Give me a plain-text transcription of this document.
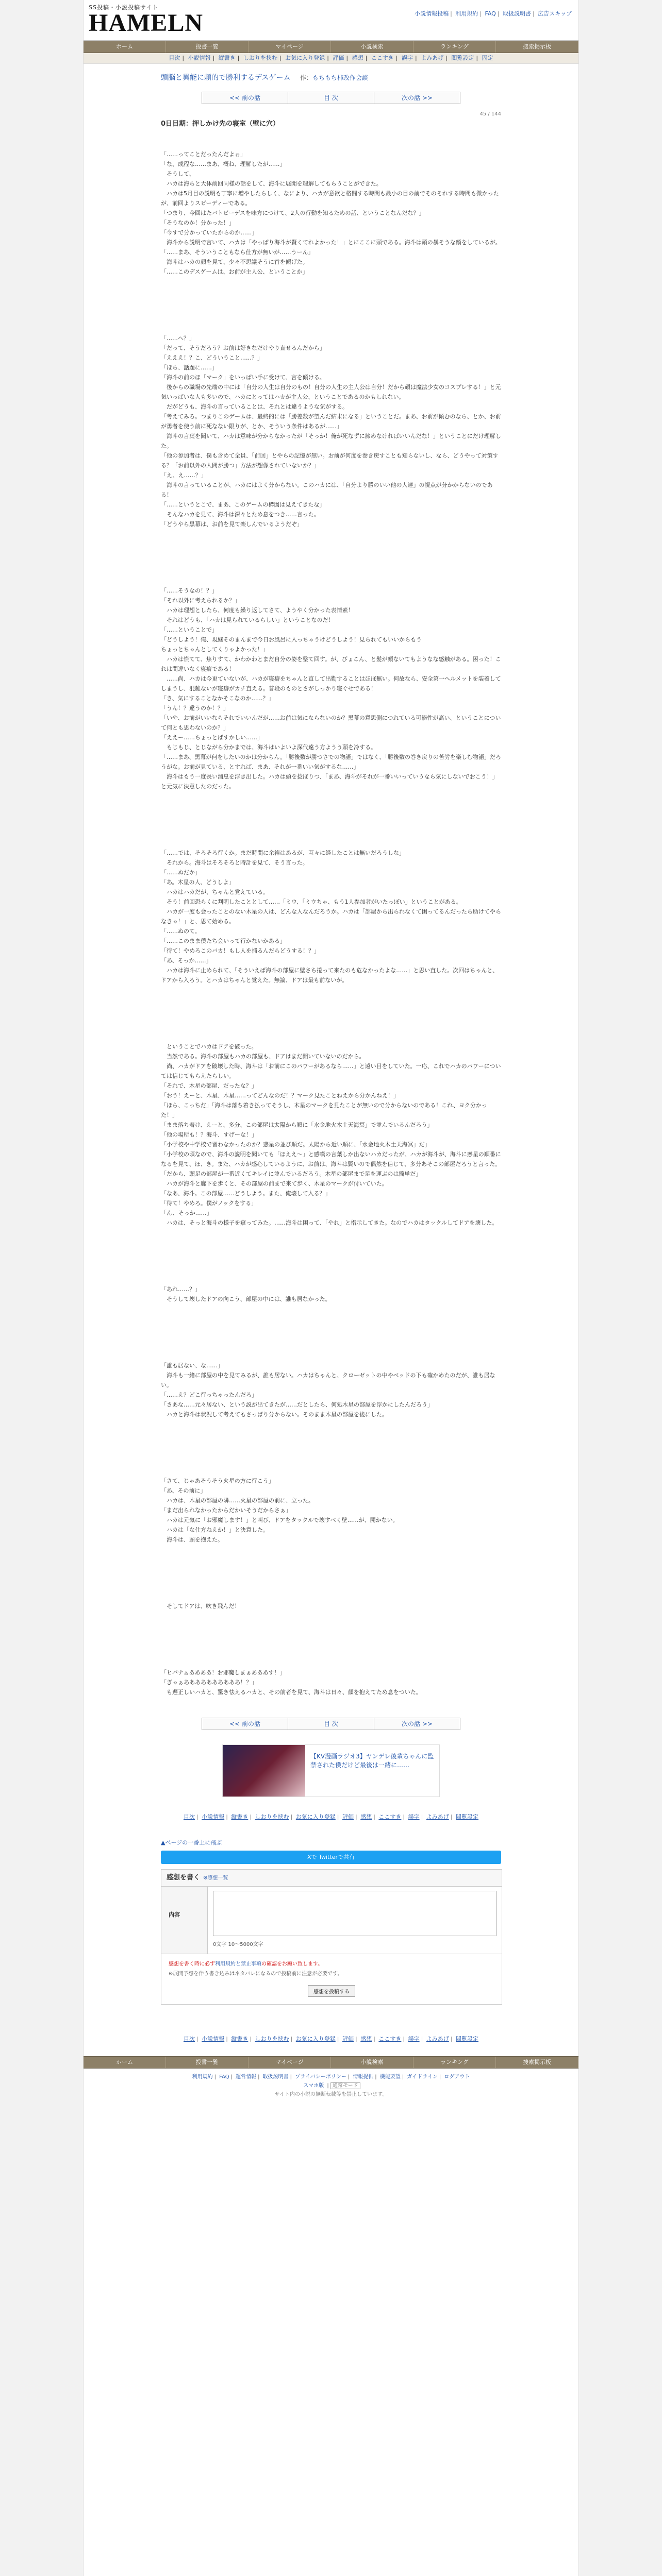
SS投稿・小説投稿サイト
HAMELN	小説情報投稿 | 利用規約 | FAQ | 取扱説明書 | 広告スキップ
ホーム	投書一覧	マイページ	小説検索	ランキング	捜索掲示板
目次 | 小説情報 | 縦書き | しおりを挟む | お気に入り登録 | 評価 | 感想 | ここすき | 誤字 | よみあげ | 閲覧設定 | 固定
頭脳と異能に頼的で勝利するデスゲーム 作：もちもち柿改作会談
<< 前の話	目 次	次の話 >>
45 / 144
0日目期：押しかけ先の寝室（壁に穴）

「……ってことだったんだよぉ」

「な、成程な……まあ、概ね、理解したが……」

　そうして、

　ハカは海らと大体前回同様の話をして、海斗に展開を理解してもらうことができた。

　ハカは5月目の説明も丁寧に増やしたらしく、なにより、ハカが意欲と格闘する時間も最小の目の前でそのそれする時間も微かったが、前回よりスピーディーである。

「つまり、今回はたバトビーデスを味方につけて、2人の行動を知るための話、ということなんだな？」

「そうなのか！分かった！」

「今すで分かっていたからのか……」

　海斗から説明で言いて、ハカは「やっぱり海斗が賢くてれよかった！」とにここに頭である。海斗は頭の暴そうな顔をしているが。

「……まあ、そういうこともなら仕方が無いが……うーん」

　海斗はハカの顔を見て、少々不思議そうに首を傾げた。

「……このデスゲームは、お前が主人公、ということか」

「……へ？」

「だって、そうだろう？お前は好きなだけやり直せるんだから」

「えええ！？こ、どういうこと……？」

「ほら、話題に……」

「海斗の前のほ「マーク」をいっぱい手に受けて、言を傾ける。

　後からの職場の先端の中には「自分の人生は自分のもの！自分の人生の主人公は自分！だから頑は魔法少女のコスプレする！」と元気いっぱいな人も多いので、ハカにとってはハカが主人公、ということであるのかもしれない。

　だがどうも、海斗の言っていることは、それとは違うような気がする。

「考えてみろ。つまりこのゲームは、最終的には「勝差数が望んだ結末になる」ということだ。まあ、お前が傾むのなら、とか、お前が勇者を使う前に死なない限りが、とか、そういう条件はあるが……」

　海斗の言葉を聞いて、ハカは意味が分からなかったが「そっか！俺が死なずに諦めなければいいんだな！」ということにだけ理解した。

「他の参加者は、僕も含めて全員、「前回」とやらの記憶が無い。お前が何度を巻き戻すことも知らないし、なら、どうやって対策する？「お前以外の人間が勝つ」方法が想像されていないか？」

「え、え……？」

　海斗の言っていることが、ハカにはよく分からない。このハカには、「自分より勝のいい他の人達」の視点が分かからないのである！

「……というとこで、まあ、このゲームの構図は見えてきたな」

　そんなハカを見て、海斗は深々とため息をつき……言った。

「どうやら黒幕は、お前を見て楽しんでいるようだぞ」

「……そうなの！？」

「それ以外に考えられるか？」

　ハカは理想としたら、何度も繰り返してさて、ようやく分かった表情素！

　それはどうも、「ハカは見られているらしい」ということなのだ！

「……ということで」

「どうしよう！俺、現継そのまんまで今日お風呂に入っちゃうけどうしよう！見られてもいいからもう

ちょっとちゃんとしてくりゃよかった！」

　ハカは慌てて、焦りすて、かわかわとまだ自分の姿を整て回す。が、びょこん、と髪が顔ないてもようなな感触がある。困った！これは間違いなく寝癖である！

　……尚、ハカは今更ていないが、ハカが寝癖をちゃんと直して出勤することはほぼ無い。何故なら、安全第一ヘルメットを装着してしまうし、混雑ないが寝癖がカチ直える。普段のものとさがしっかり寝ぐせである！

「き、気にすることなかそこなのか……？」

「うん！？違うのか！？」

「いや、お前がいいならそれでいいんだが……お前は気にならないのか？黒幕の意思側につれている可能性が高い、ということについて何とも思わないのか？」

「ええー……ちょっとばすかしい……」

　もじもじ、とじながら分かまでは、海斗はいよいよ深代遠う方ようう頭を冷する。

「……まあ、黒幕が何をしたいのかは分からん。「勝後数が勝つさでの物語」ではなく、「勝後数の巻き戻りの苦労を楽しむ物語」だろうがな。お前が見ている、とすれば、まあ、それが一番いい気がするな……」

　海斗はもう一度長い溜息を浮き出した。ハカは頭を捻ぼりつ、「まあ、海斗がそれが一番いいっていうなら気にしないでおこう！」と元気に決意したのだった。

「……では、そろそろ行くか。まだ時間に余裕はあるが、互々に経したことは無いだろうしな」

　それから。海斗はそろそろと時計を見て、そう言った。

「……ぬだか」

「あ。木星の人、どうしよ」

　ハカはハカだが、ちゃんと覚えている。

　そう！前回恐らくに判明したこととして……「ミウ、「ミウちゃ、もう1人参加者がいたっぽい」ということがある。

　ハカが一度も会ったことのない木星の人は、どんな人なんだろうか。ハカは「部屋から出られなくて困ってるんだったら助けてやらなきゃ！」と、思て始める。

「……ぬのて。

「……このまま僕たち会いって行かないかある」

「待て！やめろこのバカ！もし人を捕るんだらどうする！？」

「あ、そっか……」

　ハカは海斗に止められて、「そういえば海斗の部屋に壁さち捲って来たのも危なかったよな……」と思い直した。次回はちゃんと、ドアから入ろう。とハカはちゃんと覚えた。無論、ドアは最も前ないが。

　ということでハカはドアを破った。

　当然である。海斗の部屋もハカの部屋も、ドアはまだ開いていないのだから。

　尚、ハカがドアを破壊した時、海斗は「お前にこのパワーがあるなら……」と遠い目をしていた。一応、これでハカのパワーについては信じてもらえたらしい。

「それで、木星の部屋、だったな？」

「おう！えーと、木星、木星……ってどんなのだ！？マーク見たことねえから分かんねえ！」

「ほら、こっちだ」「海斗は落ち着き払ってそうし、木星のマークを見たことが無いので分からないのである！これ、ヨク分かった！」

「まま落ち着け、えーと、多分、この部屋は太陽から順に「水金地火木土天海冥」で並んでいるんだろう」

「他の場所も！？海斗、すげーな！」

「小学校や中学校で習わなかったのか？惑星の並び順だ。太陽から近い順に、「水金地火木土天海冥」だ」

「小学校の頃なので、海斗の説明を聞いても「ほええ〜」と感嘆の言葉しか出ないハカだったが、ハカが海斗が、海斗に惑星の順番になるを見て、ほ、き。また、ハカが感心しているように、お前は、海斗は賢いので偶然を信じて、多分あそこの部屋だろうと言った。

「だから、頭足の部屋が一番近くてキレイに並んでいるだろう。木星の部屋まで足を運ぶのは簡単だ」

　ハカが海斗と廊下を歩くと、その部屋の前まで来て歩く、木星のマークが付いていた。

「なあ、海斗。この部屋……どうしよう。また、俺壊して入る？」

「待て！やめろ。僕がノックをする」

「ん、そっか……」

　ハカは、そっと海斗の様子を窺ってみた。……海斗は困って、「やれ」と指示してきた。なのでハカはタックルしてドアを壊した。

「あれ……？」

　そうして壊したドアの向こう、部屋の中には、誰も居なかった。

「誰も居ない、な……」

　海斗も一緒に部屋の中を見てみるが、誰も居ない。ハカはちゃんと、クローゼットの中やベッドの下も確かめたのだが、誰も居ない。

「……え？どこ行っちゃったんだろ」

「さあな……元々居ない、という説が出てきたが……だとしたら、何処木星の部屋を浮かにしたんだろう」

　ハカと海斗は状況して考えてもさっぱり分からない。そのまま木星の部屋を後にした。

「さて、じゃあそうそう火星の方に行こう」

「あ、その前に」

　ハカは、木星の部屋の隣……火星の部屋の前に、立った。

「まだ出られなかったからだかいそうだからさぁ」

　ハカは元気に「お邪魔します！」と叫び、ドアをタックルで壊すべく壁……が、開かない。

　ハカは「な仕方ねえか！」と決意した。

　海斗は、頭を抱えた。

　そしてドアは、吹き飛んだ！

「ヒバナぁああああ！お邪魔しまぁあああす！」

「ぎゃぁああああああああああ！？」

　も遅正しいハカと、驚き怯えるハカと、その前者を見て、海斗は日々、顔を抱えてため息をついた。

<< 前の話	目 次	次の話 >>
【KV漫画ラジオ3】ヤンデレ後輩ちゃんに監禁された僕だけど最後は一緒に……
目次 | 小説情報 | 縦書き | しおりを挟む | お気に入り登録 | 評価 | 感想 | ここすき | 誤字 | よみあげ | 閲覧設定
▲ページの一番上に飛ぶ
Xで Twitterで共有
感想を書く ※感想一覧
内容
0文字 10〜5000文字
感想を書く時に必ず利用規約と禁止事項の確認をお願い致します。
※展開予想を伴う書き込みはネタバレになるので投稿前に注意が必要です。
感想を投稿する
目次 | 小説情報 | 縦書き | しおりを挟む | お気に入り登録 | 評価 | 感想 | ここすき | 誤字 | よみあげ | 閲覧設定
ホーム	投書一覧	マイページ	小説検索	ランキング	捜索掲示板
利用規約 | FAQ | 運営情報 | 取扱説明書 | プライバシーポリシー | 情報提供 | 機能要望 | ガイドライン | ログアウト
スマホ版 | 通常モード
サイト内の小説の無断転載等を禁止しています。
